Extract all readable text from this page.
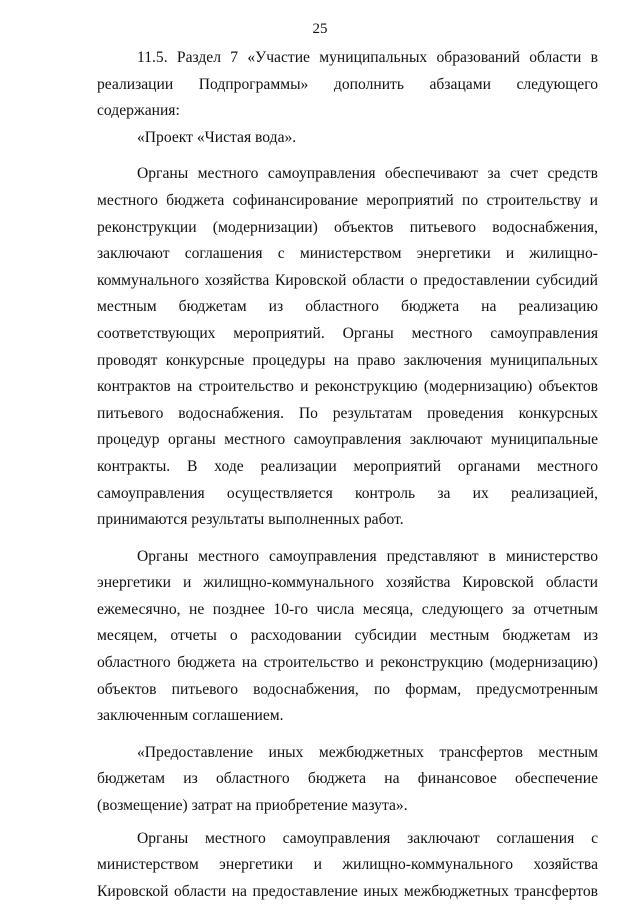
25

11.5. Раздел 7 «Участие муниципальных образований области в реализации Подпрограммы» дополнить абзацами следующего содержания:

«Проект «Чистая вода».

Органы местного самоуправления обеспечивают за счет средств местного бюджета софинансирование мероприятий по строительству и реконструкции (модернизации) объектов питьевого водоснабжения, заключают соглашения с министерством энергетики и жилищно-коммунального хозяйства Кировской области о предоставлении субсидий местным бюджетам из областного бюджета на реализацию соответствующих мероприятий. Органы местного самоуправления проводят конкурсные процедуры на право заключения муниципальных контрактов на строительство и реконструкцию (модернизацию) объектов питьевого водоснабжения. По результатам проведения конкурсных процедур органы местного самоуправления заключают муниципальные контракты. В ходе реализации мероприятий органами местного самоуправления осуществляется контроль за их реализацией, принимаются результаты выполненных работ.

Органы местного самоуправления представляют в министерство энергетики и жилищно-коммунального хозяйства Кировской области ежемесячно, не позднее 10-го числа месяца, следующего за отчетным месяцем, отчеты о расходовании субсидии местным бюджетам из областного бюджета на строительство и реконструкцию (модернизацию) объектов питьевого водоснабжения, по формам, предусмотренным заключенным соглашением.

«Предоставление иных межбюджетных трансфертов местным бюджетам из областного бюджета на финансовое обеспечение (возмещение) затрат на приобретение мазута».

Органы местного самоуправления заключают соглашения с министерством энергетики и жилищно-коммунального хозяйства Кировской области на предоставление иных межбюджетных трансфертов
